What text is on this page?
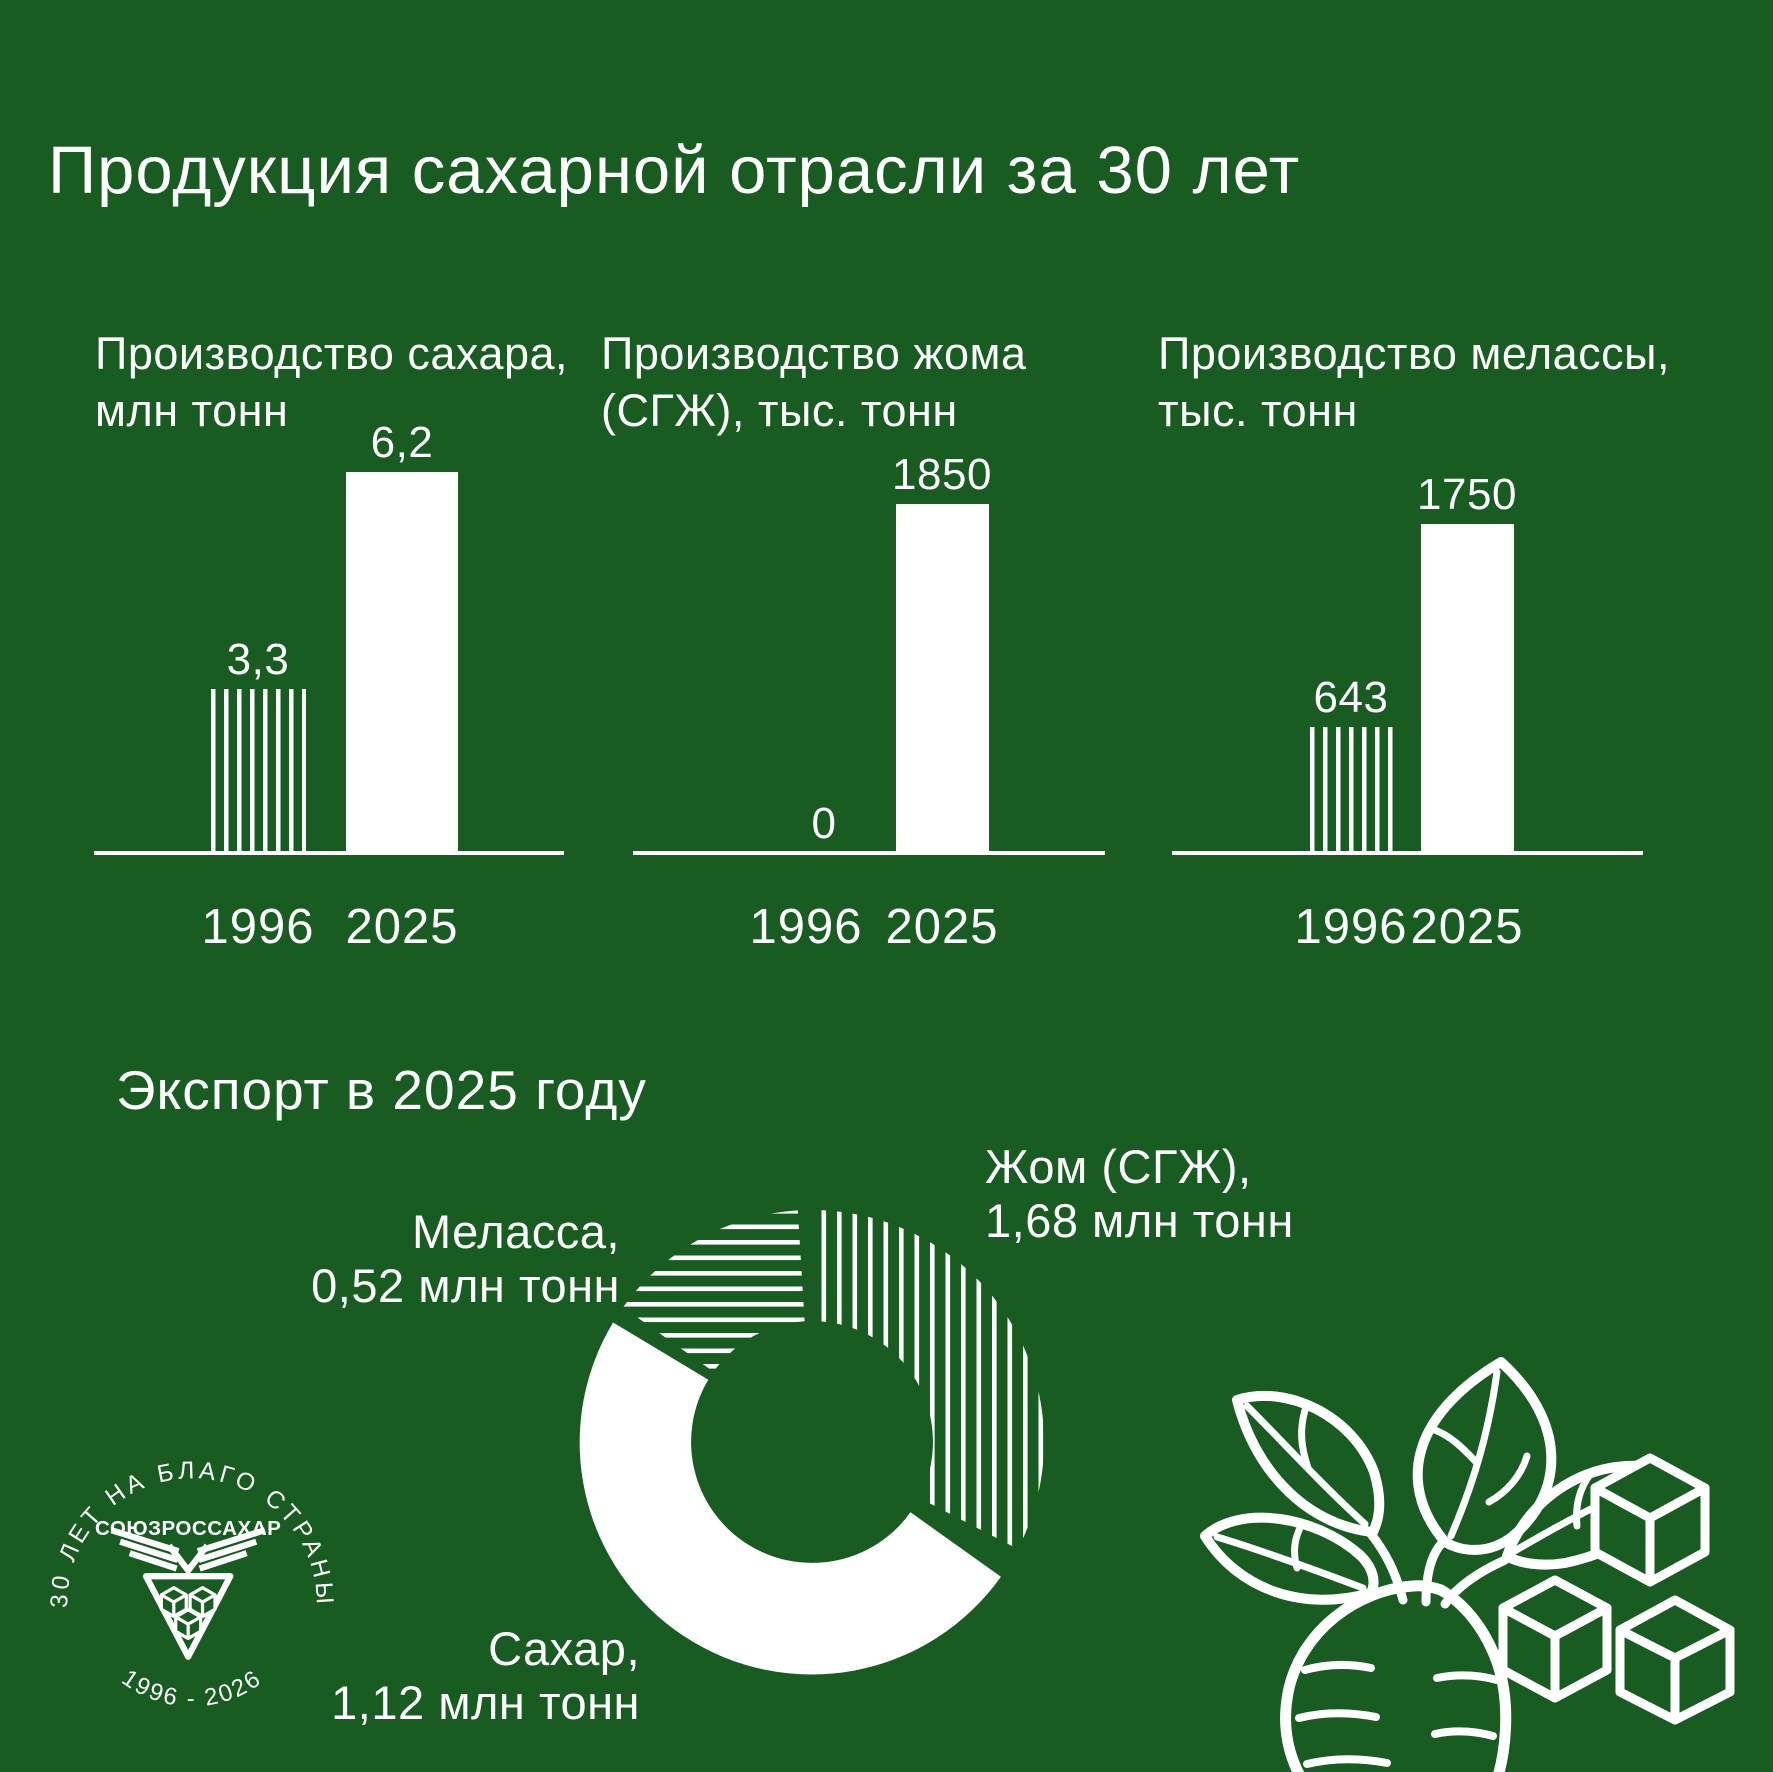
Продукция сахарной отрасли за 30 лет
Производство сахара,
млн тонн
3,3
6,2
1996 2025
Производство жома
(СГЖ), тыс. тонн
0
1850
1996 2025
Производство мелассы,
тыс. тонн
643
1750
1996 2025
Экспорт в 2025 году
Жом (СГЖ),
1,68 млн тонн
Меласса,
0,52 млн тонн
Сахар,
1,12 млн тонн
30 ЛЕТ НА БЛАГО СТРАНЫ
СОЮЗРОССАХАР
1996 - 2026
